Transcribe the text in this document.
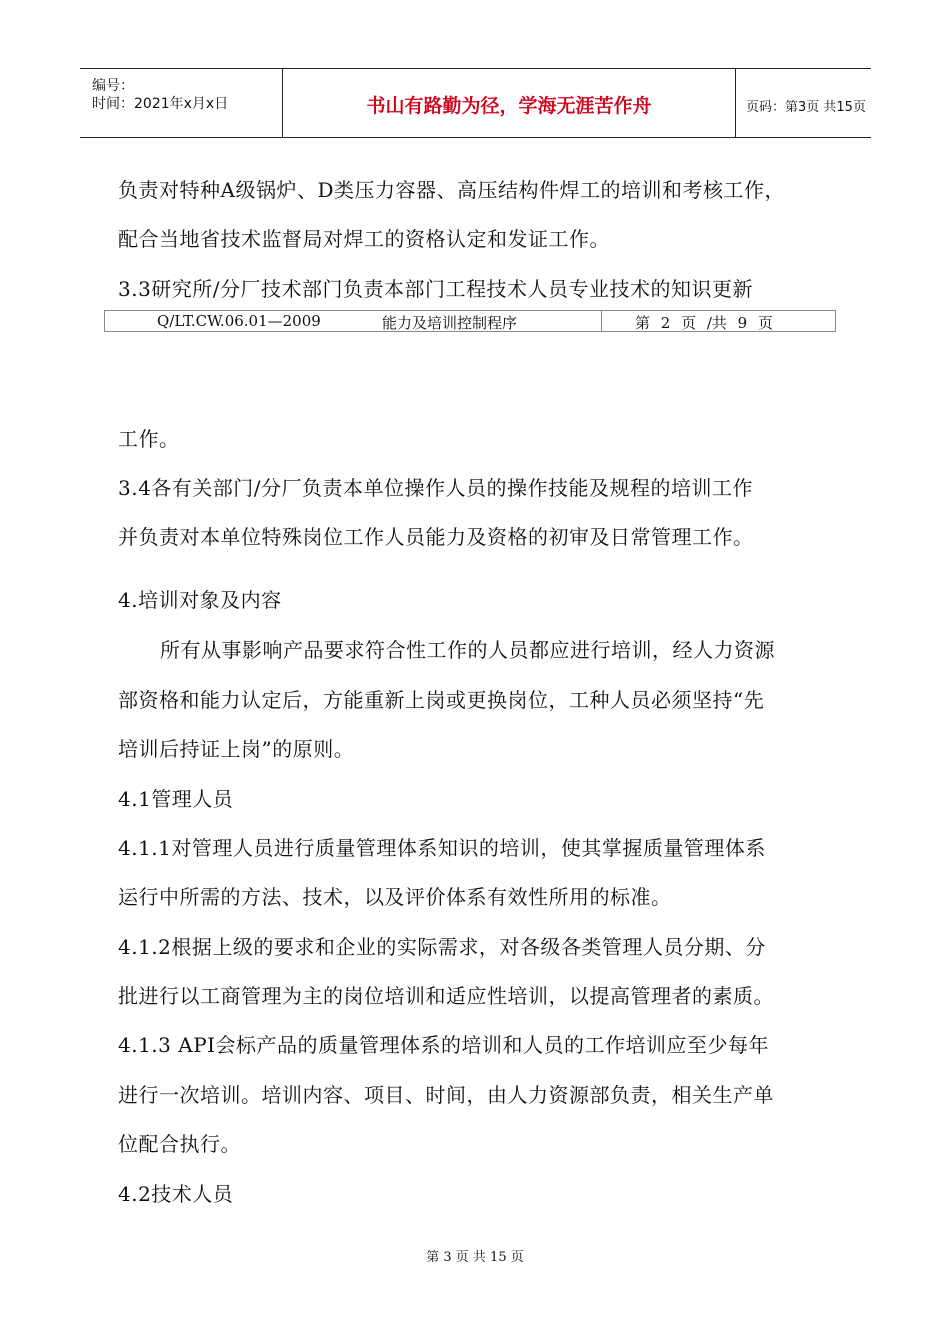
编号：
时间：2021年x月x日	书山有路勤为径，学海无涯苦作舟	页码：第3页 共15页
负责对特种A级锅炉、D类压力容器、高压结构件焊工的培训和考核工作，
配合当地省技术监督局对焊工的资格认定和发证工作。
3.3研究所/分厂技术部门负责本部门工程技术人员专业技术的知识更新
Q/LT.CW.06.01—2009	能力及培训控制程序	第 2 页 /共 9 页
工作。
3.4各有关部门/分厂负责本单位操作人员的操作技能及规程的培训工作
并负责对本单位特殊岗位工作人员能力及资格的初审及日常管理工作。
4.培训对象及内容
所有从事影响产品要求符合性工作的人员都应进行培训，经人力资源
部资格和能力认定后，方能重新上岗或更换岗位，工种人员必须坚持“先
培训后持证上岗”的原则。
4.1管理人员
4.1.1对管理人员进行质量管理体系知识的培训，使其掌握质量管理体系
运行中所需的方法、技术，以及评价体系有效性所用的标准。
4.1.2根据上级的要求和企业的实际需求，对各级各类管理人员分期、分
批进行以工商管理为主的岗位培训和适应性培训，以提高管理者的素质。
4.1.3 API会标产品的质量管理体系的培训和人员的工作培训应至少每年
进行一次培训。培训内容、项目、时间，由人力资源部负责，相关生产单
位配合执行。
4.2技术人员
第 3 页 共 15 页
